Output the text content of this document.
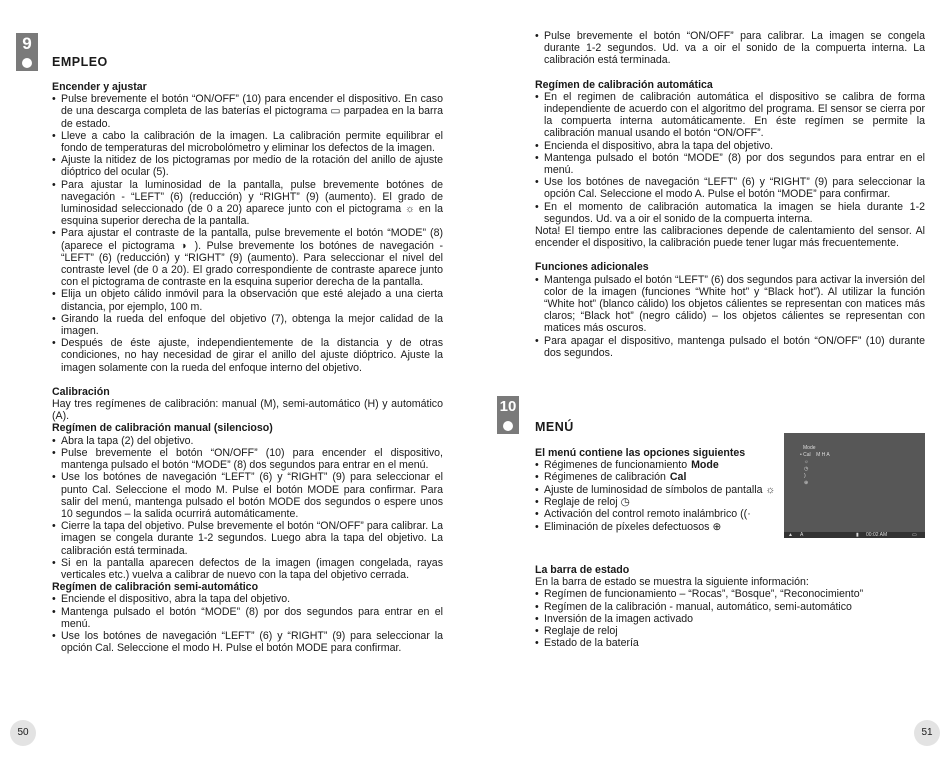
9
EMPLEO
Encender y ajustar
• Pulse brevemente el botón “ON/OFF” (10) para encender el dispositivo. En caso de una descarga completa de las baterías el pictograma ▭ parpadea en la barra de estado.
• Lleve a cabo la calibración de la imagen. La calibración permite equilibrar el fondo de temperaturas del microbolómetro y eliminar los defectos de la imagen.
• Ajuste la nitidez de los pictogramas por medio de la rotación del anillo de ajuste dióptrico del ocular (5).
• Para ajustar la luminosidad de la pantalla, pulse brevemente botónes de navegación - “LEFT” (6) (reducción) y “RIGHT” (9) (aumento). El grado de luminosidad seleccionado (de 0 a 20) aparece junto con el pictograma ☼ en la esquina superior derecha de la pantalla.
• Para ajustar el contraste de la pantalla, pulse brevemente el botón “MODE” (8) (aparece el pictograma ◑ ). Pulse brevemente los botónes de navegación - “LEFT” (6) (reducción) y “RIGHT” (9) (aumento). Para seleccionar el nivel del contraste level (de 0 a 20). El grado correspondiente de contraste aparece junto con el pictograma de contraste en la esquina superior derecha de la pantalla.
• Elija un objeto cálido inmóvil para la observación que esté alejado a una cierta distancia, por ejemplo, 100 m.
• Girando la rueda del enfoque del objetivo (7), obtenga la mejor calidad de la imagen.
• Después de éste ajuste, independientemente de la distancia y de otras condiciones, no hay necesidad de girar el anillo del ajuste dióptrico. Ajuste la imagen solamente con la rueda del enfoque interno del objetivo.
Calibración

Hay tres regímenes de calibración: manual (M), semi-automático (H) y automático (A).

Regímen de calibración manual (silencioso)
• Abra la tapa (2) del objetivo.
• Pulse brevemente el botón “ON/OFF” (10) para encender el dispositivo, mantenga pulsado el botón “MODE” (8) dos segundos para entrar en el menú.
• Use los botónes de navegación “LEFT” (6) y “RIGHT” (9) para seleccionar el punto Cal. Seleccione el modo M. Pulse el botón MODE para confirmar. Para salir del menú, mantenga pulsado el botón MODE dos segundos o espere unos 10 segundos – la salida ocurrirá automáticamente.
• Cierre la tapa del objetivo. Pulse brevemente el botón “ON/OFF” para calibrar. La imagen se congela durante 1-2 segundos. Luego abra la tapa del objetivo. La calibración está terminada.
• Si en la pantalla aparecen defectos de la imagen (imagen congelada, rayas verticales etc.) vuelva a calibrar de nuevo con la tapa del objetivo cerrada.
Regímen de calibración semi-automático
• Enciende el dispositivo, abra la tapa del objetivo.
• Mantenga pulsado el botón “MODE” (8) por dos segundos para entrar en el menú.
• Use los botónes de navegación “LEFT” (6) y “RIGHT” (9) para seleccionar la opción Cal. Seleccione el modo H. Pulse el botón MODE para confirmar.
50
• Pulse brevemente el botón “ON/OFF” para calibrar. La imagen se congela durante 1-2 segundos. Ud. va a oir el sonido de la compuerta interna. La calibración está terminada.
Regímen de calibración automática
• En el regimen de calibración automática el dispositivo se calibra de forma independiente de acuerdo con el algoritmo del programa. El sensor se cierra por la compuerta interna automáticamente. En éste regímen se permite la calibración manual usando el botón “ON/OFF”.
• Encienda el dispositivo, abra la tapa del objetivo.
• Mantenga pulsado el botón “MODE” (8) por dos segundos para entrar en el menú.
• Use los botónes de navegación “LEFT” (6) y “RIGHT” (9) para seleccionar la opción Cal. Seleccione el modo A. Pulse el botón “MODE” para confirmar.
• En el momento de calibración automatica la imagen se hiela durante 1-2 segundos. Ud. va a oir el sonido de la compuerta interna.

Nota! El tiempo entre las calibraciones depende de calentamiento del sensor. Al encender el dispositivo, la calibración puede tener lugar más frecuentemente.

Funciones adicionales
• Mantenga pulsado el botón “LEFT” (6) dos segundos para activar la inversión del color de la imagen (funciones “White hot” y “Black hot”). Al utilizar la función “White hot” (blanco cálido) los objetos cálientes se representan con matices más claros; “Black hot” (negro cálido) – los objetos cálientes se representan con matices más oscuros.
• Para apagar el dispositivo, mantenga pulsado el botón “ON/OFF” (10) durante dos segundos.
10
MENÚ
El menú contiene las opciones siguientes
• Régimenes de funcionamiento Mode
• Régimenes de calibración Cal
• Ajuste de luminosidad de símbolos de pantalla ☼
• Reglaje de reloj ◷
• Activación del control remoto inalámbrico ((·
• Eliminación de píxeles defectuosos ⊕
La barra de estado

En la barra de estado se muestra la siguiente información:

• Regímen de funcionamiento – “Rocas”, “Bosque”, “Reconocimiento”
• Regímen de la calibración - manual, automático, semi-automático
• Inversión de la imagen activado
• Reglaje de reloj
• Estado de la batería
51
Mode
• Cal M H A
☼
◷
)
⊕
▲ A	▮ 00:02 AM	▭
